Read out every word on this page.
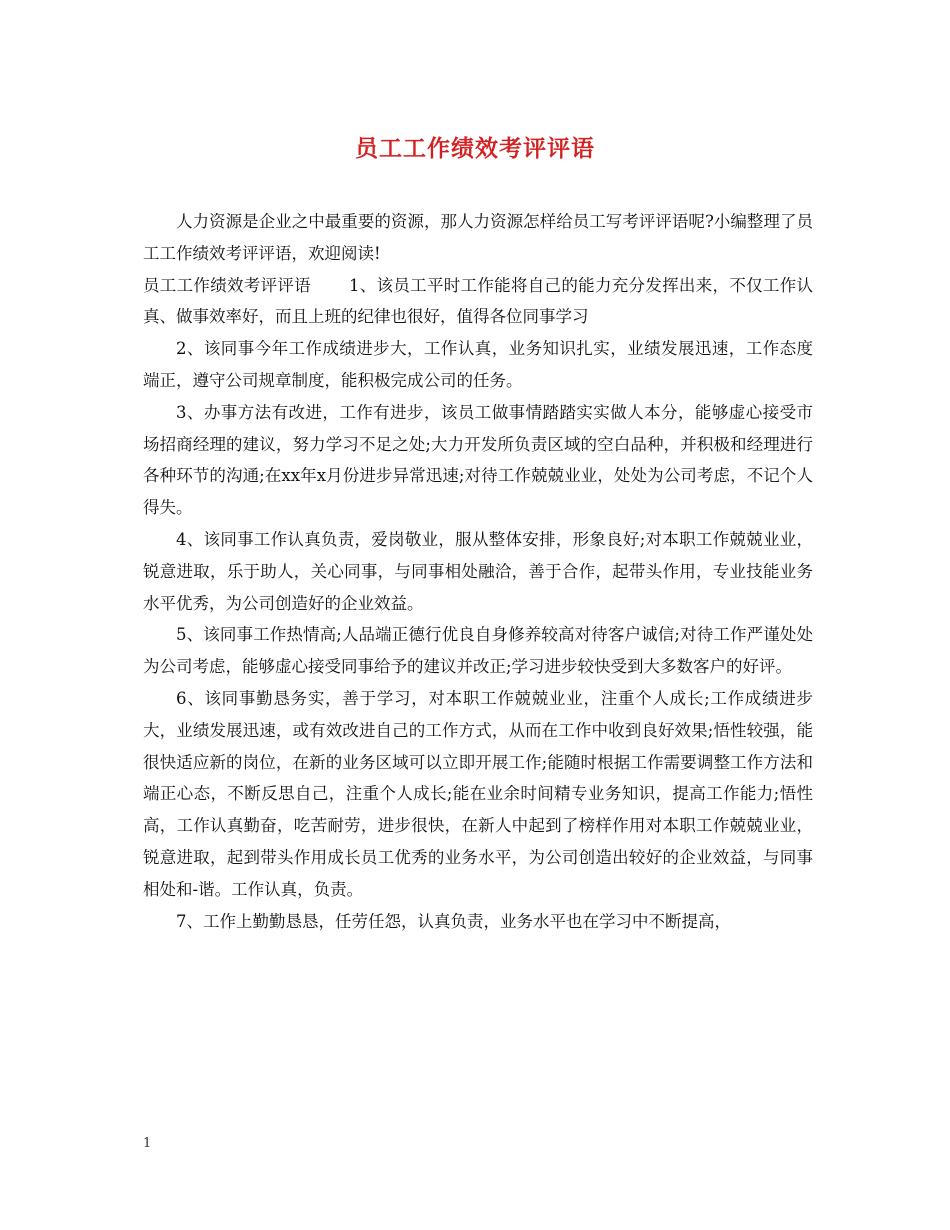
员工工作绩效考评评语

人力资源是企业之中最重要的资源，那人力资源怎样给员工写考评评语呢?小编整理了员工工作绩效考评评语，欢迎阅读!

员工工作绩效考评评语 1、该员工平时工作能将自己的能力充分发挥出来，不仅工作认真、做事效率好，而且上班的纪律也很好，值得各位同事学习

2、该同事今年工作成绩进步大，工作认真，业务知识扎实，业绩发展迅速，工作态度端正，遵守公司规章制度，能积极完成公司的任务。

3、办事方法有改进，工作有进步，该员工做事情踏踏实实做人本分，能够虚心接受市场招商经理的建议，努力学习不足之处;大力开发所负责区域的空白品种，并积极和经理进行各种环节的沟通;在xx年x月份进步异常迅速;对待工作兢兢业业，处处为公司考虑，不记个人得失。

4、该同事工作认真负责，爱岗敬业，服从整体安排，形象良好;对本职工作兢兢业业，锐意进取，乐于助人，关心同事，与同事相处融洽，善于合作，起带头作用，专业技能业务水平优秀，为公司创造好的企业效益。

5、该同事工作热情高;人品端正德行优良自身修养较高对待客户诚信;对待工作严谨处处为公司考虑，能够虚心接受同事给予的建议并改正;学习进步较快受到大多数客户的好评。

6、该同事勤恳务实，善于学习，对本职工作兢兢业业，注重个人成长;工作成绩进步大，业绩发展迅速，或有效改进自己的工作方式，从而在工作中收到良好效果;悟性较强，能很快适应新的岗位，在新的业务区域可以立即开展工作;能随时根据工作需要调整工作方法和端正心态，不断反思自己，注重个人成长;能在业余时间精专业务知识，提高工作能力;悟性高，工作认真勤奋，吃苦耐劳，进步很快，在新人中起到了榜样作用对本职工作兢兢业业，锐意进取，起到带头作用成长员工优秀的业务水平，为公司创造出较好的企业效益，与同事相处和-谐。工作认真，负责。

7、工作上勤勤恳恳，任劳任怨，认真负责，业务水平也在学习中不断提高，

1
